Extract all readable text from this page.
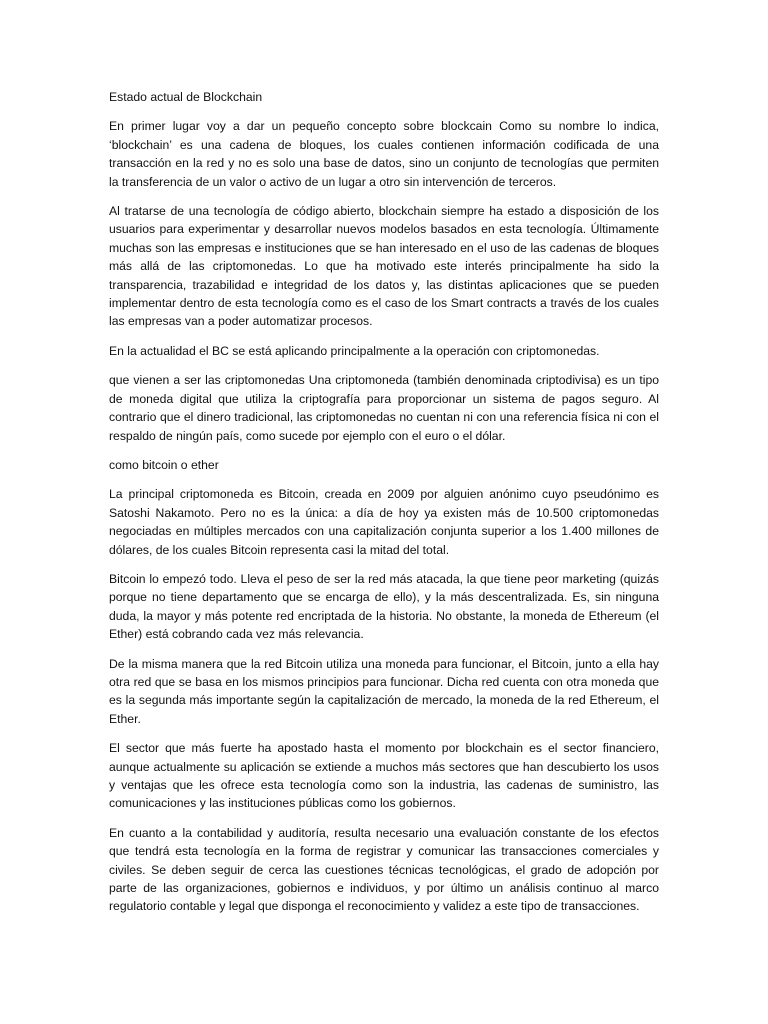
Estado actual de Blockchain

En primer lugar voy a dar un pequeño concepto sobre blockcain Como su nombre lo indica, ‘blockchain’ es una cadena de bloques, los cuales contienen información codificada de una transacción en la red y no es solo una base de datos, sino un conjunto de tecnologías que permiten la transferencia de un valor o activo de un lugar a otro sin intervención de terceros.

Al tratarse de una tecnología de código abierto, blockchain siempre ha estado a disposición de los usuarios para experimentar y desarrollar nuevos modelos basados en esta tecnología. Últimamente muchas son las empresas e instituciones que se han interesado en el uso de las cadenas de bloques más allá de las criptomonedas. Lo que ha motivado este interés principalmente ha sido la transparencia, trazabilidad e integridad de los datos y, las distintas aplicaciones que se pueden implementar dentro de esta tecnología como es el caso de los Smart contracts a través de los cuales las empresas van a poder automatizar procesos.

En la actualidad el BC se está aplicando principalmente a la operación con criptomonedas.

que vienen a ser las criptomonedas Una criptomoneda (también denominada criptodivisa) es un tipo de moneda digital que utiliza la criptografía para proporcionar un sistema de pagos seguro. Al contrario que el dinero tradicional, las criptomonedas no cuentan ni con una referencia física ni con el respaldo de ningún país, como sucede por ejemplo con el euro o el dólar.

como bitcoin o ether

La principal criptomoneda es Bitcoin, creada en 2009 por alguien anónimo cuyo pseudónimo es Satoshi Nakamoto. Pero no es la única: a día de hoy ya existen más de 10.500 criptomonedas negociadas en múltiples mercados con una capitalización conjunta superior a los 1.400 millones de dólares, de los cuales Bitcoin representa casi la mitad del total.

Bitcoin lo empezó todo. Lleva el peso de ser la red más atacada, la que tiene peor marketing (quizás porque no tiene departamento que se encarga de ello), y la más descentralizada. Es, sin ninguna duda, la mayor y más potente red encriptada de la historia. No obstante, la moneda de Ethereum (el Ether) está cobrando cada vez más relevancia.

De la misma manera que la red Bitcoin utiliza una moneda para funcionar, el Bitcoin, junto a ella hay otra red que se basa en los mismos principios para funcionar. Dicha red cuenta con otra moneda que es la segunda más importante según la capitalización de mercado, la moneda de la red Ethereum, el Ether.

El sector que más fuerte ha apostado hasta el momento por blockchain es el sector financiero, aunque actualmente su aplicación se extiende a muchos más sectores que han descubierto los usos y ventajas que les ofrece esta tecnología como son la industria, las cadenas de suministro, las comunicaciones y las instituciones públicas como los gobiernos.

En cuanto a la contabilidad y auditoría, resulta necesario una evaluación constante de los efectos que tendrá esta tecnología en la forma de registrar y comunicar las transacciones comerciales y civiles. Se deben seguir de cerca las cuestiones técnicas tecnológicas, el grado de adopción por parte de las organizaciones, gobiernos e individuos, y por último un análisis continuo al marco regulatorio contable y legal que disponga el reconocimiento y validez a este tipo de transacciones.
